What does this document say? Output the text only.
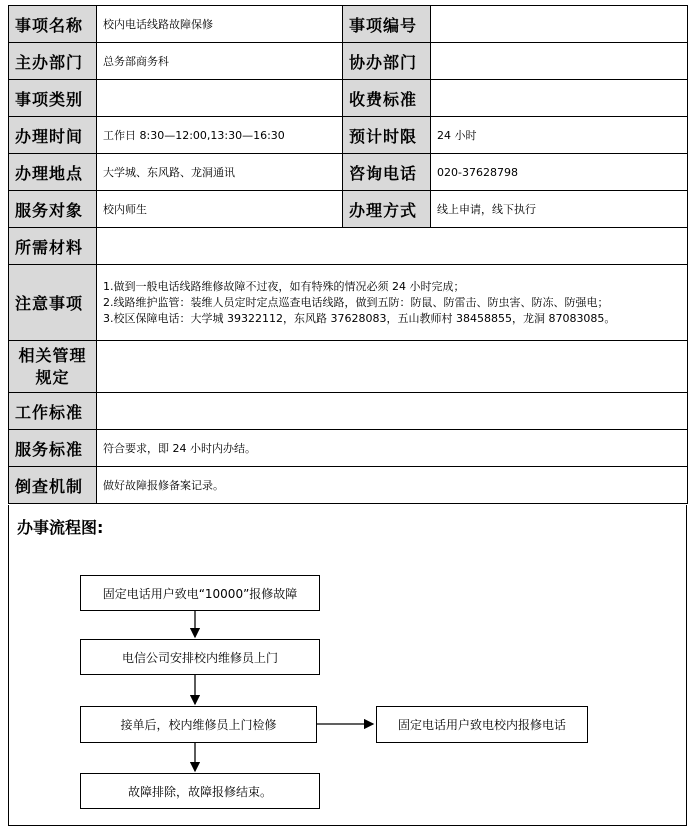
事项名称	校内电话线路故障保修	事项编号	
主办部门	总务部商务科	协办部门	
事项类别		收费标准	
办理时间	工作日 8:30—12:00,13:30—16:30	预计时限	24 小时
办理地点	大学城、东风路、龙洞通讯	咨询电话	020-37628798
服务对象	校内师生	办理方式	线上申请，线下执行
所需材料			
注意事项	1.做到一般电话线路维修故障不过夜，如有特殊的情况必须 24 小时完成；
2.线路维护监管：装维人员定时定点巡查电话线路，做到五防：防鼠、防雷击、防虫害、防冻、防强电；
3.校区保障电话：大学城 39322112，东风路 37628083，五山教师村 38458855，龙洞 87083085。		

相关管理规定			
工作标准			
服务标准	符合要求，即 24 小时内办结。		
倒查机制	做好故障报修备案记录。		
办事流程图:
固定电话用户致电“10000”报修故障
电信公司安排校内维修员上门
接单后，校内维修员上门检修
故障排除，故障报修结束。
固定电话用户致电校内报修电话
